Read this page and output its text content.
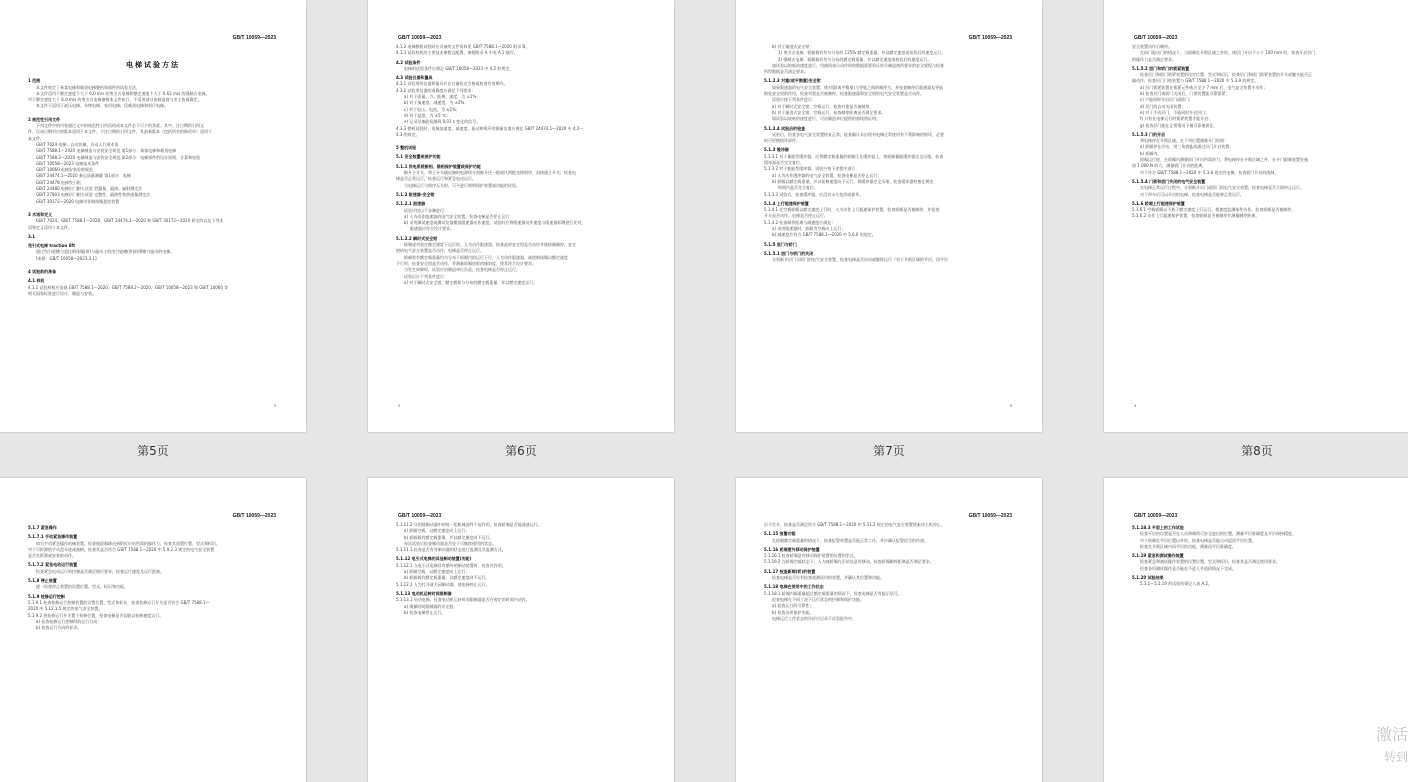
GB/T 10059—2023
电梯试验方法
1 范围
本文件规定了乘客电梯和载货电梯整机和部件的试验方法。
本文件适用于额定速度不大于 6.0 m/s 的曳引式电梯和额定速度不大于 0.63 m/s 的强制式电梯。
对于额定速度大于 6.0 m/s 的曳引式电梯参照本文件执行，不适用部分由制造商与业主协商确定。
本文件不适用于液压电梯、杂物电梯、家用电梯、仅载货电梯和斜行电梯。
2 规范性引用文件
下列文件中的内容通过文中的规范性引用而构成本文件必不可少的条款。其中，注日期的引用文
件，仅该日期对应的版本适用于本文件；不注日期的引用文件，其最新版本（包括所有的修改单）适用于
本文件。
GB/T 7024 电梯、自动扶梯、自动人行道术语
GB/T 7588.1—2020 电梯制造与安装安全规范 第1部分：乘客电梯和载货电梯
GB/T 7588.2—2020 电梯制造与安装安全规范 第2部分：电梯部件的设计原则、计算和检验
GB/T 10058—2023 电梯技术条件
GB/T 10060 电梯安装验收规范
GB/T 24474.1—2020 乘运质量测量 第1部分：电梯
GB/T 24478 电梯曳引机
GB/T 24480 电梯层门耐火试验 泄漏量、隔热、辐射测定法
GB/T 27903 电梯层门耐火试验 完整性、隔热性和热通量测定法
GB/T 30172—2020 电梯用非钢丝绳悬挂装置
3 术语和定义
GB/T 7024、GB/T 7588.1—2020、GB/T 24474.1—2020 和 GB/T 30172—2020 界定的以及下列术
语和定义适用于本文件。
3.1
曳引式电梯 traction lift
通过曳引轮槽与悬挂钢丝绳(带)与驱动主机曳引轮槽(带)的摩擦力驱动的电梯。
[来源：GB/T 10058—2023,3.1]
4 试验前的准备
4.1 样机
4.1.1 试验样机应依据 GB/T 7588.1—2020、GB/T 7588.2—2020、GB/T 10058—2023 和 GB/T 10060 等
相关国家标准进行设计、制造与安装。
3
GB/T 10059—2023
4.1.2 电梯整机试验时应具备的文件资料见 GB/T 7588.1—2020 附录 B。
4.1.3 试验样机的主要技术参数及配置，参照附录 A 中表 A.1 填写。
4.2 试验条件
电梯的试验条件应满足 GB/T 10058—2023 中 4.2 的规定。
4.3 试验仪器和量具
4.3.1 试验用的仪器和量具应在计量检定合格或校准有效期内。
4.3.2 试验用仪器的准确度应满足下列要求：
a) 对于质量、力、距离、速度，为 ±1%；
b) 对于加速度、减速度，为 ±2%；
c) 对于电压、电流，为 ±1%；
d) 对于温度，为 ±5 ℃；
e) 记录设备能检测到 0.01 s 变化的信号。
4.3.3 整机试验时，电梯加速度、减速度、振动和噪声的测量仪器应满足 GB/T 24474.1—2020 中 4.2～
4.3 的规定。
5 整机试验
5.1 安全装置或保护功能
5.1.1 供电系统断相、错相保护装置或保护功能
断开主开关，将主开关输出端的电源线分别断开任一根或任两根交换相序，再接通主开关，检查电
梯是否正常运行，检查运行和紧急电动运行。
当电梯运行与相序无关时，可不进行错相保护装置或功能的试验。
5.1.2 限速器-安全钳
5.1.2.1 限速器
试验应按以下步骤进行：
a) 人为动作限速器的电气安全装置，检查电梯是否停止运行；
b) 采用测试速度或测试仪器模拟限速器动作速度，试验时应将限速器动作速度与限速器标牌进行比对，
限速器应符合设计要求。
5.1.2.2 瞬时式安全钳
轿厢或对重在额定速度下运行时，人为动作限速器，检查此时安全钳是否动作并使轿厢制停，安全
钳的电气安全装置是否动作，电梯是否停止运行。
轿厢装有额定载重量均匀分布于轿厢内的运行下行，人为动作限速器，或使钢丝绳以额定速度
下行时，检查安全钳是否动作，并测量轿厢底板的倾斜度，使其符合设计要求。
当发生故障时，试验应由制造单位负责，检查电梯是否停止运行。
试验后应下列条件进行：
a) 对于瞬时式安全钳，额定载荷与分布的额定载重量，并以额定速度运行。
2
GB/T 10059—2023
b) 对于渐进式安全钳：
1) 曳引式电梯，轿厢载有均匀分布的 125% 额定载重量，并以额定速度或检验后的速度运行；
2) 强制式电梯，轿厢载有均匀分布的额定载重量，并以额定速度或检验后的速度运行。
如试验以较低的速度进行，用曲线表示动作时的数据需要验证符合制造商所要求的安全规程与检查
所得数据是否满足要求。
5.1.2.3 对重(或平衡重)安全钳
如果限速器的电气安全装置，使对重(或平衡重)与导轨之间的制停力，并检查制停后限速器及导轨
防坠安全钳的作用，检查对重是否被制停，检查限速器和安全钳的电气安全装置是否动作。
试验应按下列条件进行：
a) 对于瞬时式安全钳，空载运行，检查对重是否被制停。
b) 对于渐进式安全钳，空载运行，检查制停距离是否满足要求。
如试验以较低的速度进行，可由制造单位提供的曲线图证明。
5.1.2.4 试验后的检查
试验后，检查各电气安全装置恢复正常，检查确认未出现对电梯正常使用有不利影响的损坏，必要
时可更换损坏部件。
5.1.3 缓冲器
5.1.3.1 对于蓄能型缓冲器，应将额定载重量的轿厢压在缓冲器上，使轿厢蓄能缓冲器完全压缩，检查
缓冲器是否完全复位。
5.1.3.2 对于耗能型缓冲器，试验应按下述程序进行：
a) 人为动作缓冲器的电气安全装置，检查电梯是否停止运行；
b) 轿厢以额定载重量，并以检修速度向下运行，将缓冲器完全压缩，检查缓冲器柱塞在规定
时间内是否完全复位。
5.1.3.3 试验后，检查缓冲器，应没有永久变形或损坏。
5.1.4 上行超速保护装置
5.1.4.1 在空载轿厢以额定速度上行时，人为动作上行超速保护装置，检查轿厢是否被制停，并检查
开关是否动作，电梯是否停止运行。
5.1.4.2 检查制停距离与减速度应满足：
a) 采用限速器时，轿厢为空载向上运行；
b) 减速度应符合 GB/T 7588.1—2020 中 5.6.6 的规定。
5.1.5 层门与轿门
5.1.5.1 层门与轿门的关闭
分别断开层门与轿门的电气安全装置，检查电梯是否启动或继续运行（对于开锁区域的平层，再平层
5
GB/T 10059—2023
安全装置动作后制停。
在轿门驱动门的情况下，当轿厢在开锁区域之外时，使层门开启不小于 100 mm 时，检查开启层门
的操作力是否满足要求。
5.1.5.2 层门和轿门的锁紧装置
检查层门和轿门锁紧装置的设定位置、型式和标识，检查层门和轿门锁紧装置的开关或触头能否正
确动作，检查层门门锁装置与 GB/T 7588.1—2020 中 5.3.9 的规定。
a) 层门锁紧装置在锁紧元件啮合至少 7 mm 后，电气安全装置才动作；
b) 检查层门或轿门关闭后，门锁装置能可靠锁紧；
c) 不能同时开启层门或轿门；
d) 层门的自动关闭装置；
e) 对于手动层门，不能同时开启层门；
f) 只有在电梯运行时锁紧装置才能开启；
g) 检查层门能在正常情况下被可靠地锁住。
5.1.5.3 门的开启
将电梯停在开锁区域，在下列位置测量开门时间：
a) 轿厢停在层站，用三角钥匙或通过层门开启装置；
b) 轿厢内。
轿厢运行时，在轿厢内测量轿门开启所需的力，将电梯停在开锁区域之外，在开门限制装置处施
加 1 000 N 的力，测量轿门开启的距离。
对于符合 GB/T 7588.1—2020 中 5.3.8 规定的电梯，检查轿门开启的限制。
5.1.5.4 门锁和层门关闭的电气安全装置
在电梯正常运行过程中，分别断开层门或轿门的电气安全装置，检查电梯是否立即停止运行。
对于停车后可以开启的电梯，检查电梯是否能够正常运行。
5.1.6 轿厢上行超速保护装置
5.1.6.1 空载轿厢以不低于额定速度上行运行，使速度监测部件动作，检查轿厢是否被制停。
5.1.6.2 动作上行超速保护装置，检查轿厢是否被制停并测量制停距离。
4
第5页	第6页	第7页	第8页
GB/T 10059—2023
5.1.7 紧急操作
5.1.7.1 手动紧急操作装置
如为手动紧急操作机械装置，检查使轿厢移动到附近层站所需的操作力，检查其放置位置、型式和标识。
对于可拆卸的手动盘车轮或曲柄，检查其是否符合 GB/T 7588.1—2020 中 5.9.2.3 规定的电气安全装置
是否在拆卸或安装前动作。
5.1.7.2 紧急电动运行装置
检查紧急电动运行的控制是否满足相应要求，检查运行速度及运行距离。
5.1.8 停止装置
逐一检查停止装置的设置位置、型式、标识和功能。
5.1.9 检修运行控制
5.1.9.1 检查检修运行控制装置的设置位置、型式和标识，检查检修运行开关是否符合 GB/T 7588.1—
2020 中 5.12.1.5 规定的电气安全装置。
5.1.9.2 将检修运行开关置于检修位置，检查电梯是否仅能以检修速度运行。
a) 检查检修运行控制时的运行方向；
b) 检查运行方向的标识。
GB/T 10059—2023
5.1.11.2 分别使制动器中的每一组机械部件不起作用，检查轿厢是否能减速运行。
a) 轿厢空载，以额定速度向上运行；
b) 轿厢载有额定载重量，并以额定速度向下运行。
每次试验后检查制动器是否处于可继续使用的状态。
5.1.11.3 检查是否有对制动器的状态进行监测及其监测方式。
5.1.12 电引式电梯的其他制动装置(功能)
5.1.12.1 当电引式电梯设有额外的制动装置时，检查其作用。
a) 轿厢空载，以额定速度向上运行；
b) 轿厢载有额定载重量，以额定速度向下运行。
5.1.12.2 人为打开或关闭制动器，使电梯停止运行。
5.1.13 电动机运转时间限制器
5.1.13.1 启动电梯，检查电动机运转时间限制器是否在规定的时间内动作。
a) 测量时间限制器的设定值；
b) 检查电梯停止运行。
GB/T 10059—2023
层不打开，检查是否满足符合 GB/T 7588.1—2020 中 5.11.2 规定的电气安全装置使驱动主机停止。
5.1.15 报警功能
在轿厢额定载重量的情况下，检查报警装置是否能正常工作，并应确认报警信号的传递。
5.1.16 轿厢意外移动保护装置
5.1.16.1 检查轿厢意外移动保护装置的设置和型式。
5.1.16.2 在轿厢空载状态下，人为使轿厢在层站处意外移动，检查轿厢制停距离是否满足要求。
5.1.17 检查新厢(轿)的装置
检查电梯是否设有检查或测试用的装置，并确认其位置和功能。
5.1.18 电梯在使用中的工作状态
5.1.18.1 轿厢内载重量超过额定载重量的情况下，检查电梯是否有提示信号。
检查电梯在不同工况下运行状态的控制和保护功能。
a) 检查运行的可靠性；
b) 检查各项保护功能。
电梯运行工作状态的评价应记录于试验报告中。
GB/T 10059—2023
5.1.18.3 平层上的工作试验
检查平层的设置是否在人员和载荷可安全进出的位置，测量平层准确度及平层保持精度。
对于轿厢在平层位置以外时，检查电梯是否能自动返回平层位置。
检查在开锁区域内再平层的功能，测量再平层准确度。
5.1.19 紧急和测试操作装置
检查紧急和测试操作装置的设置位置、型式和标识，检查其是否满足使用要求。
检查各项测试操作是否能在不进入井道的情况下完成。
5.1.20 试验结果
5.1.1～5.1.19 的试验结果记入表 A.2。
激活
转到
